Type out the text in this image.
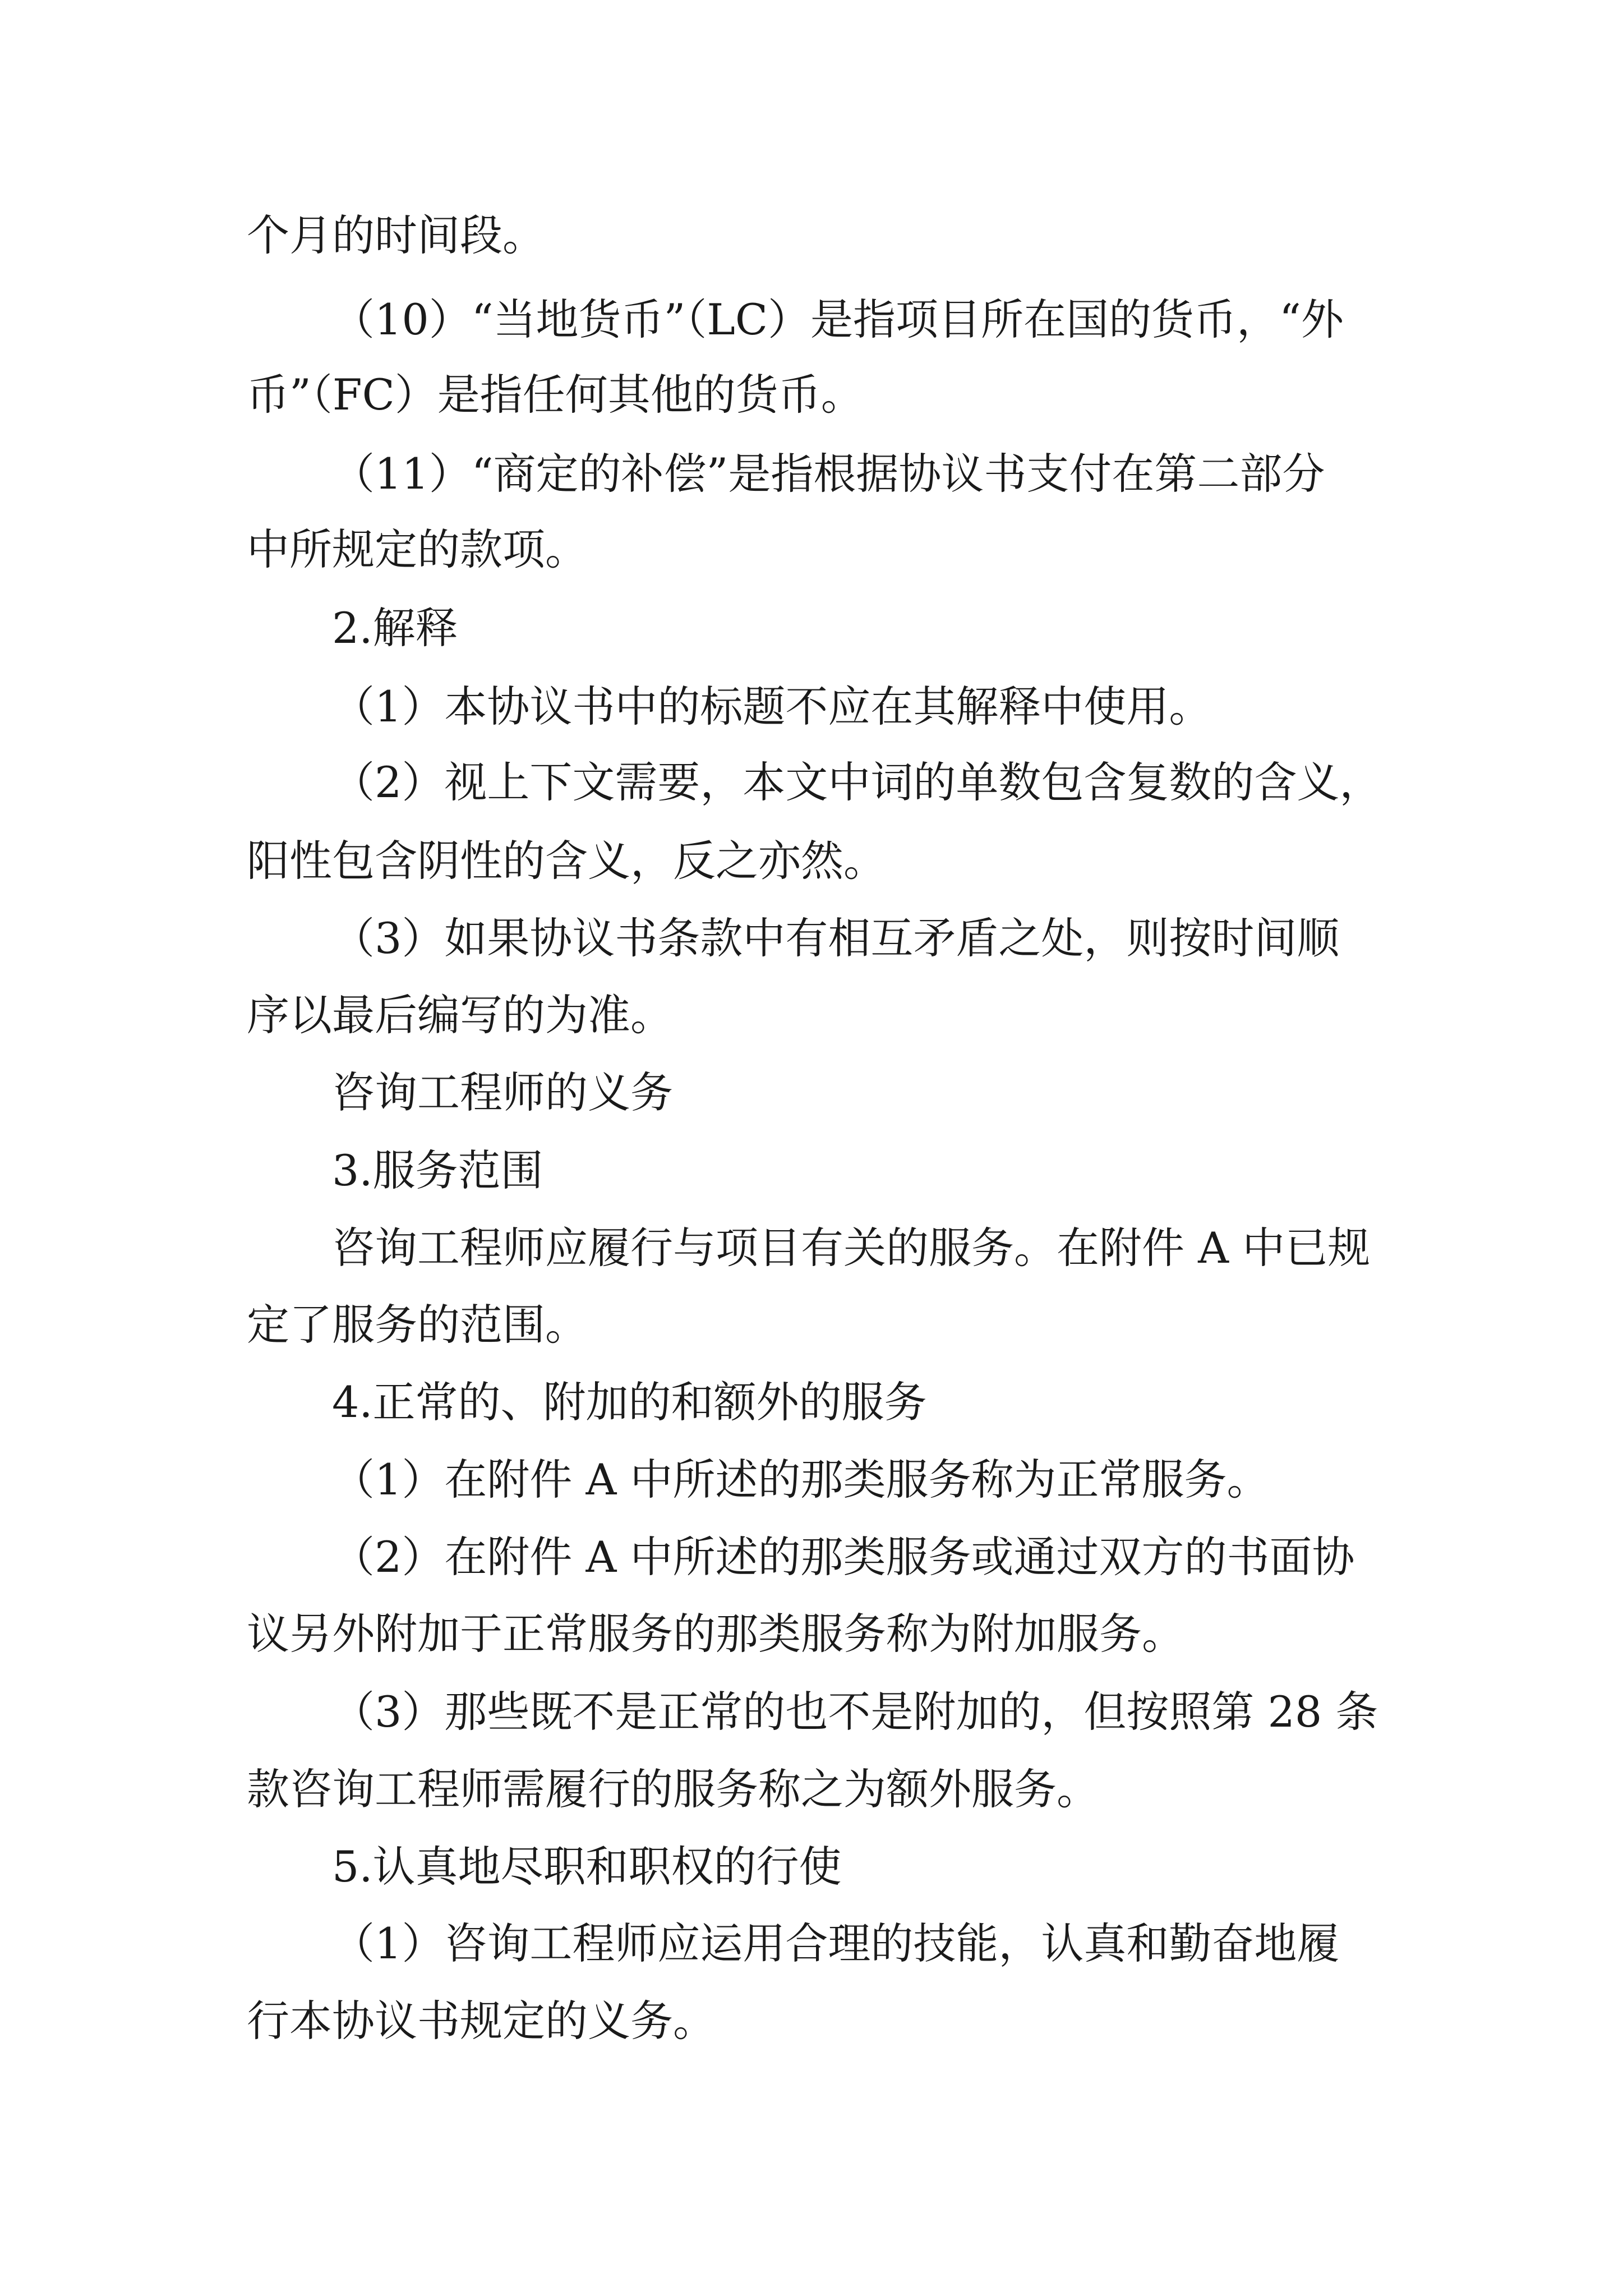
个月的时间段。
（10）“当地货币”（LC）是指项目所在国的货币，“外
币”（FC）是指任何其他的货币。
（11）“商定的补偿”是指根据协议书支付在第二部分
中所规定的款项。
2.解释
（1）本协议书中的标题不应在其解释中使用。
（2）视上下文需要，本文中词的单数包含复数的含义，
阳性包含阴性的含义，反之亦然。
（3）如果协议书条款中有相互矛盾之处，则按时间顺
序以最后编写的为准。
咨询工程师的义务
3.服务范围
咨询工程师应履行与项目有关的服务。在附件 A 中已规
定了服务的范围。
4.正常的、附加的和额外的服务
（1）在附件 A 中所述的那类服务称为正常服务。
（2）在附件 A 中所述的那类服务或通过双方的书面协
议另外附加于正常服务的那类服务称为附加服务。
（3）那些既不是正常的也不是附加的，但按照第 28 条
款咨询工程师需履行的服务称之为额外服务。
5.认真地尽职和职权的行使
（1）咨询工程师应运用合理的技能，认真和勤奋地履
行本协议书规定的义务。
